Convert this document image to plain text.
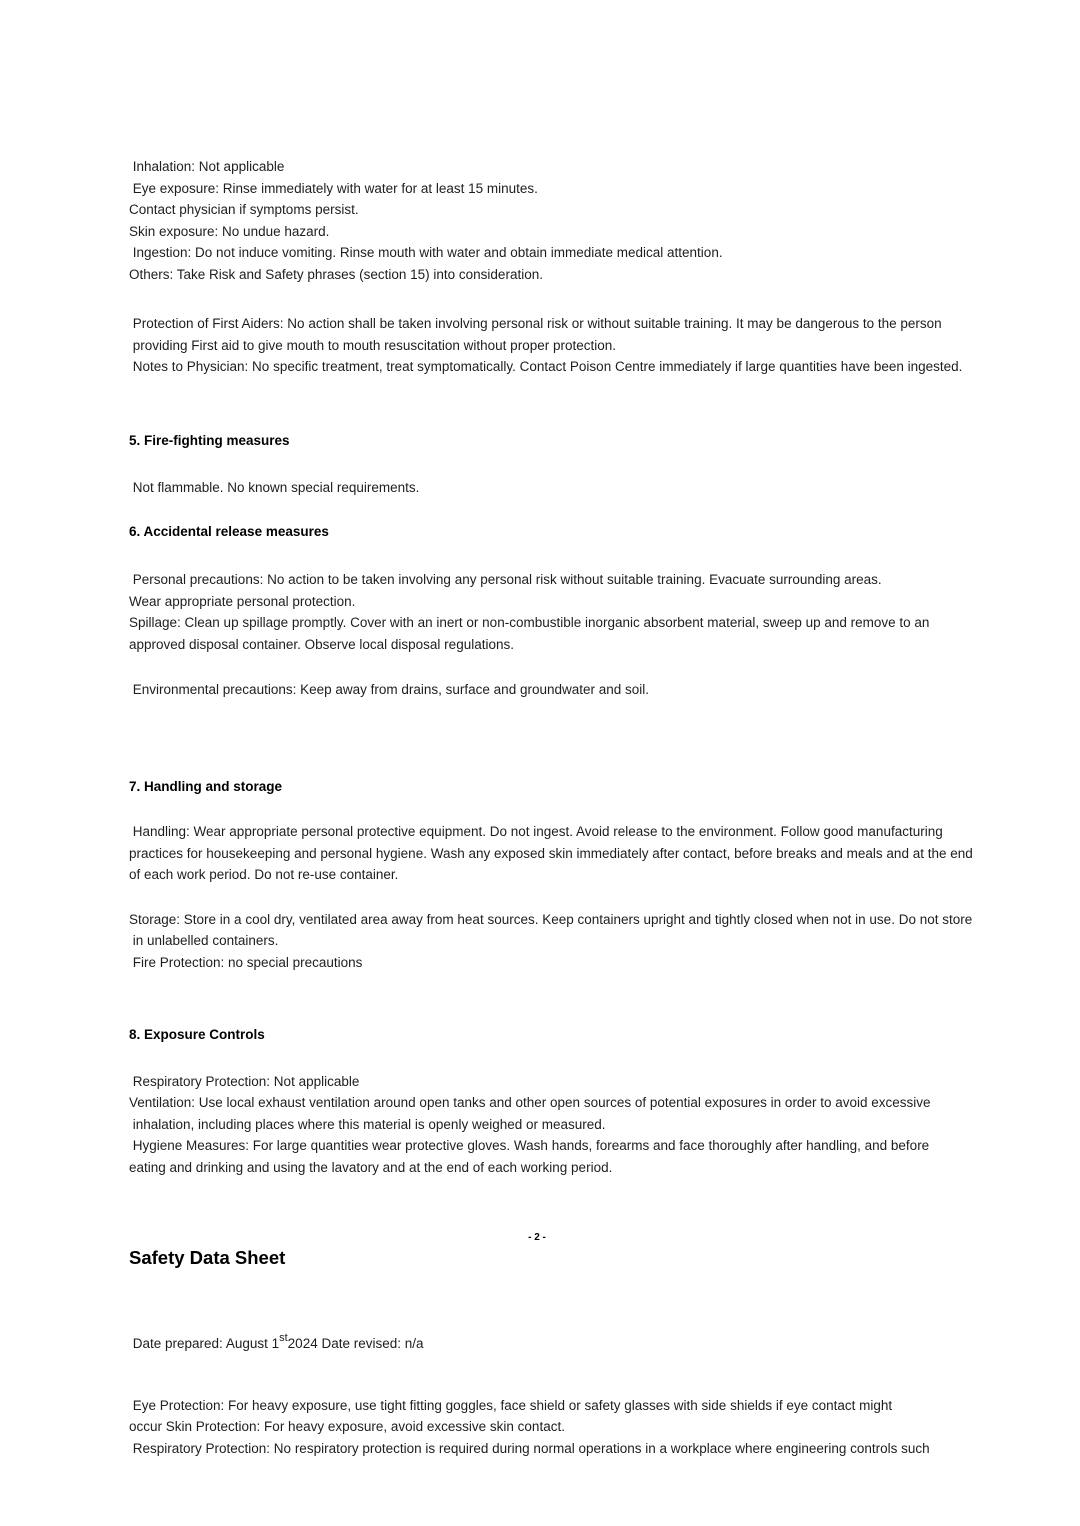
Inhalation: Not applicable
Eye exposure: Rinse immediately with water for at least 15 minutes.
Contact physician if symptoms persist.
Skin exposure: No undue hazard.
Ingestion: Do not induce vomiting. Rinse mouth with water and obtain immediate medical attention.
Others: Take Risk and Safety phrases (section 15) into consideration.
Protection of First Aiders: No action shall be taken involving personal risk or without suitable training. It may be dangerous to the person
providing First aid to give mouth to mouth resuscitation without proper protection.
Notes to Physician: No specific treatment, treat symptomatically. Contact Poison Centre immediately if large quantities have been ingested.
5. Fire-fighting measures
Not flammable. No known special requirements.
6. Accidental release measures
Personal precautions: No action to be taken involving any personal risk without suitable training. Evacuate surrounding areas.
Wear appropriate personal protection.
Spillage: Clean up spillage promptly. Cover with an inert or non-combustible inorganic absorbent material, sweep up and remove to an
approved disposal container. Observe local disposal regulations.
Environmental precautions: Keep away from drains, surface and groundwater and soil.
7. Handling and storage
Handling: Wear appropriate personal protective equipment. Do not ingest. Avoid release to the environment. Follow good manufacturing
practices for housekeeping and personal hygiene. Wash any exposed skin immediately after contact, before breaks and meals and at the end
of each work period. Do not re-use container.
Storage: Store in a cool dry, ventilated area away from heat sources. Keep containers upright and tightly closed when not in use. Do not store
in unlabelled containers.
Fire Protection: no special precautions
8. Exposure Controls
Respiratory Protection: Not applicable
Ventilation: Use local exhaust ventilation around open tanks and other open sources of potential exposures in order to avoid excessive
inhalation, including places where this material is openly weighed or measured.
Hygiene Measures: For large quantities wear protective gloves. Wash hands, forearms and face thoroughly after handling, and before
eating and drinking and using the lavatory and at the end of each working period.
- 2 -
Safety Data Sheet
Date prepared: August 1st2024 Date revised: n/a
Eye Protection: For heavy exposure, use tight fitting goggles, face shield or safety glasses with side shields if eye contact might
occur Skin Protection: For heavy exposure, avoid excessive skin contact.
Respiratory Protection: No respiratory protection is required during normal operations in a workplace where engineering controls such
